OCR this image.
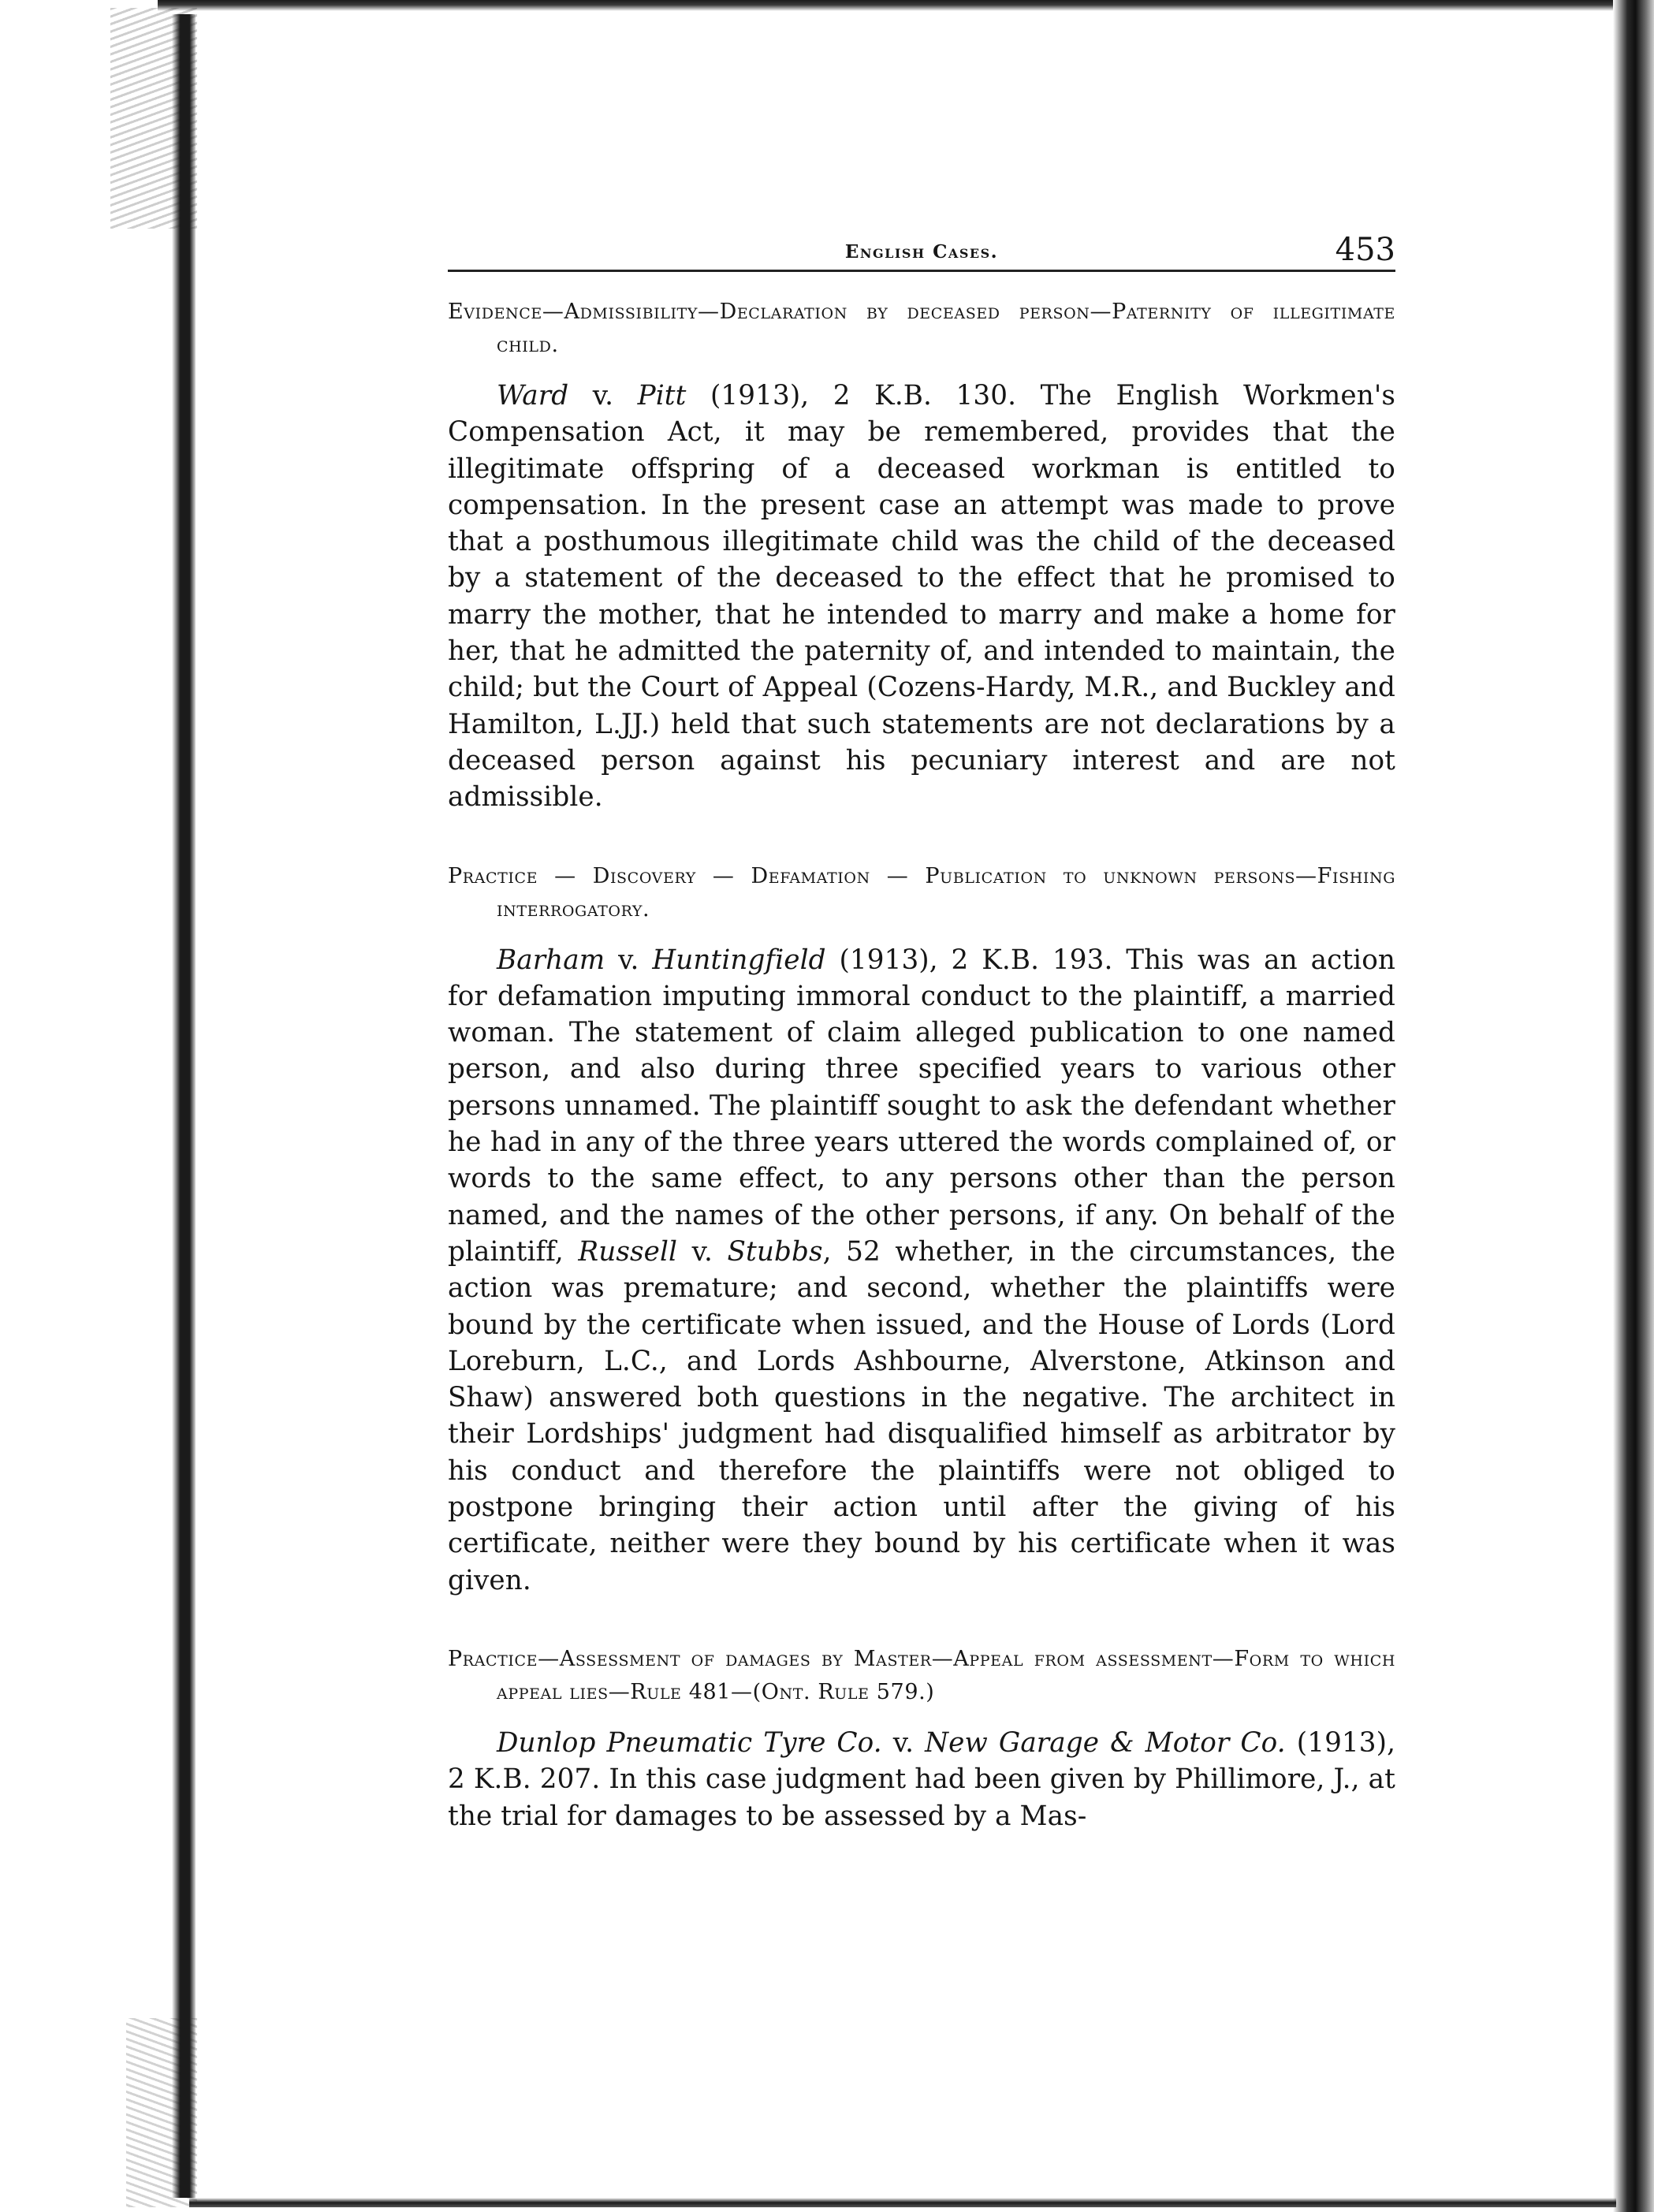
English Cases.	453

Evidence—Admissibility—Declaration by deceased person—Paternity of illegitimate child.

Ward v. Pitt (1913), 2 K.B. 130. The English Workmen's Compensation Act, it may be remembered, provides that the illegitimate offspring of a deceased workman is entitled to compensation. In the present case an attempt was made to prove that a posthumous illegitimate child was the child of the deceased by a statement of the deceased to the effect that he promised to marry the mother, that he intended to marry and make a home for her, that he admitted the paternity of, and intended to maintain, the child; but the Court of Appeal (Cozens-Hardy, M.R., and Buckley and Hamilton, L.JJ.) held that such statements are not declarations by a deceased person against his pecuniary interest and are not admissible.

Practice — Discovery — Defamation — Publication to unknown persons—Fishing interrogatory.

Barham v. Huntingfield (1913), 2 K.B. 193. This was an action for defamation imputing immoral conduct to the plaintiff, a married woman. The statement of claim alleged publication to one named person, and also during three specified years to various other persons unnamed. The plaintiff sought to ask the defendant whether he had in any of the three years uttered the words complained of, or words to the same effect, to any persons other than the person named, and the names of the other persons, if any. On behalf of the plaintiff, Russell v. Stubbs, 52 whether, in the circumstances, the action was premature; and second, whether the plaintiffs were bound by the certificate when issued, and the House of Lords (Lord Loreburn, L.C., and Lords Ashbourne, Alverstone, Atkinson and Shaw) answered both questions in the negative. The architect in their Lordships' judgment had disqualified himself as arbitrator by his conduct and therefore the plaintiffs were not obliged to postpone bringing their action until after the giving of his certificate, neither were they bound by his certificate when it was given.

Practice—Assessment of damages by Master—Appeal from assessment—Form to which appeal lies—Rule 481—(Ont. Rule 579.)

Dunlop Pneumatic Tyre Co. v. New Garage & Motor Co. (1913), 2 K.B. 207. In this case judgment had been given by Phillimore, J., at the trial for damages to be assessed by a Mas-
